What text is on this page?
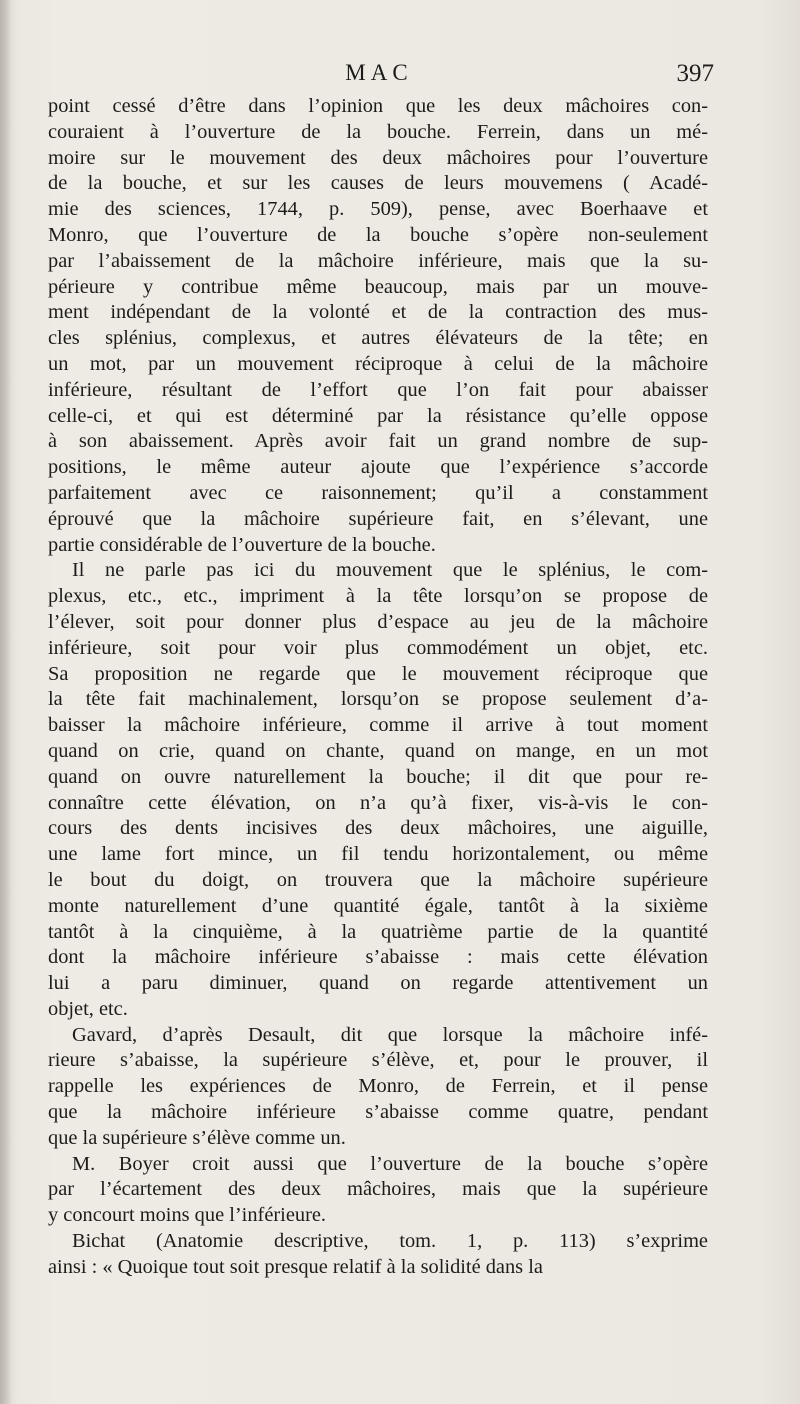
MAC	397
point cessé d’être dans l’opinion que les deux mâchoires con-
couraient à l’ouverture de la bouche. Ferrein, dans un mé-
moire sur le mouvement des deux mâchoires pour l’ouverture
de la bouche, et sur les causes de leurs mouvemens ( Acadé-
mie des sciences, 1744, p. 509), pense, avec Boerhaave et
Monro, que l’ouverture de la bouche s’opère non-seulement
par l’abaissement de la mâchoire inférieure, mais que la su-
périeure y contribue même beaucoup, mais par un mouve-
ment indépendant de la volonté et de la contraction des mus-
cles splénius, complexus, et autres élévateurs de la tête; en
un mot, par un mouvement réciproque à celui de la mâchoire
inférieure, résultant de l’effort que l’on fait pour abaisser
celle-ci, et qui est déterminé par la résistance qu’elle oppose
à son abaissement. Après avoir fait un grand nombre de sup-
positions, le même auteur ajoute que l’expérience s’accorde
parfaitement avec ce raisonnement; qu’il a constamment
éprouvé que la mâchoire supérieure fait, en s’élevant, une
partie considérable de l’ouverture de la bouche.
Il ne parle pas ici du mouvement que le splénius, le com-
plexus, etc., etc., impriment à la tête lorsqu’on se propose de
l’élever, soit pour donner plus d’espace au jeu de la mâchoire
inférieure, soit pour voir plus commodément un objet, etc.
Sa proposition ne regarde que le mouvement réciproque que
la tête fait machinalement, lorsqu’on se propose seulement d’a-
baisser la mâchoire inférieure, comme il arrive à tout moment
quand on crie, quand on chante, quand on mange, en un mot
quand on ouvre naturellement la bouche; il dit que pour re-
connaître cette élévation, on n’a qu’à fixer, vis-à-vis le con-
cours des dents incisives des deux mâchoires, une aiguille,
une lame fort mince, un fil tendu horizontalement, ou même
le bout du doigt, on trouvera que la mâchoire supérieure
monte naturellement d’une quantité égale, tantôt à la sixième
tantôt à la cinquième, à la quatrième partie de la quantité
dont la mâchoire inférieure s’abaisse : mais cette élévation
lui a paru diminuer, quand on regarde attentivement un
objet, etc.
Gavard, d’après Desault, dit que lorsque la mâchoire infé-
rieure s’abaisse, la supérieure s’élève, et, pour le prouver, il
rappelle les expériences de Monro, de Ferrein, et il pense
que la mâchoire inférieure s’abaisse comme quatre, pendant
que la supérieure s’élève comme un.
M. Boyer croit aussi que l’ouverture de la bouche s’opère
par l’écartement des deux mâchoires, mais que la supérieure
y concourt moins que l’inférieure.
Bichat (Anatomie descriptive, tom. 1, p. 113) s’exprime
ainsi : « Quoique tout soit presque relatif à la solidité dans la
